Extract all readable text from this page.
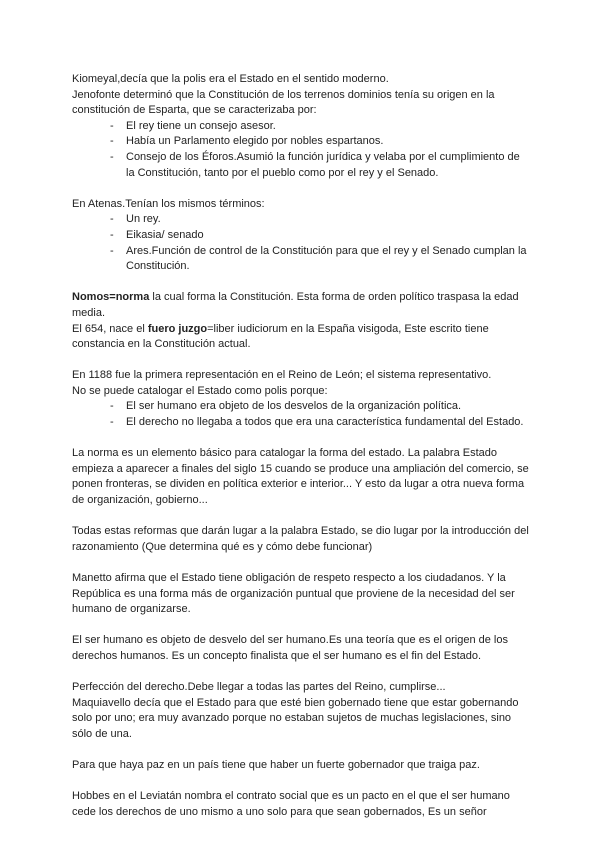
Kiomeyal,decía que la polis era el Estado en el sentido moderno.

Jenofonte determinó que la Constitución de los terrenos dominios tenía su origen en la constitución de Esparta, que se caracterizaba por:

- El rey tiene un consejo asesor.
- Había un Parlamento elegido por nobles espartanos.
- Consejo de los Éforos.Asumió la función jurídica y velaba por el cumplimiento de la Constitución, tanto por el pueblo como por el rey y el Senado.

En Atenas.Tenían los mismos términos:

- Un rey.
- Eikasia/ senado
- Ares.Función de control de la Constitución para que el rey y el Senado cumplan la Constitución.

Nomos=norma la cual forma la Constitución. Esta forma de orden político traspasa la edad media.

El 654, nace el fuero juzgo=liber iudiciorum en la España visigoda, Este escrito tiene constancia en la Constitución actual.

En 1188 fue la primera representación en el Reino de León; el sistema representativo.

No se puede catalogar el Estado como polis porque:

- El ser humano era objeto de los desvelos de la organización política.
- El derecho no llegaba a todos que era una característica fundamental del Estado.

La norma es un elemento básico para catalogar la forma del estado. La palabra Estado empieza a aparecer a finales del siglo 15 cuando se produce una ampliación del comercio, se ponen fronteras, se dividen en política exterior e interior... Y esto da lugar a otra nueva forma de organización, gobierno...

Todas estas reformas que darán lugar a la palabra Estado, se dio lugar por la introducción del razonamiento (Que determina qué es y cómo debe funcionar)

Manetto afirma que el Estado tiene obligación de respeto respecto a los ciudadanos. Y la República es una forma más de organización puntual que proviene de la necesidad del ser humano de organizarse.

El ser humano es objeto de desvelo del ser humano.Es una teoría que es el origen de los derechos humanos. Es un concepto finalista que el ser humano es el fin del Estado.

Perfección del derecho.Debe llegar a todas las partes del Reino, cumplirse...

Maquiavello decía que el Estado para que esté bien gobernado tiene que estar gobernando solo por uno; era muy avanzado porque no estaban sujetos de muchas legislaciones, sino sólo de una.

Para que haya paz en un país tiene que haber un fuerte gobernador que traiga paz.

Hobbes en el Leviatán nombra el contrato social que es un pacto en el que el ser humano cede los derechos de uno mismo a uno solo para que sean gobernados, Es un señor
